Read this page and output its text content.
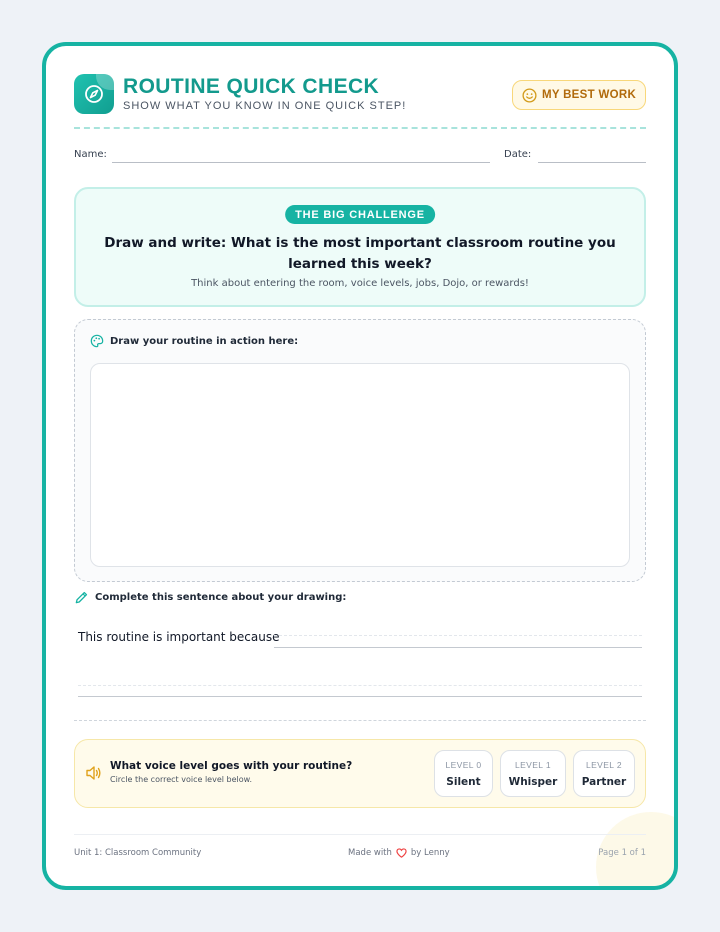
ROUTINE QUICK CHECK
SHOW WHAT YOU KNOW IN ONE QUICK STEP!
MY BEST WORK
Name:	Date:
THE BIG CHALLENGE
Draw and write: What is the most important classroom routine you learned this week?
Think about entering the room, voice levels, jobs, Dojo, or rewards!
Draw your routine in action here:
Complete this sentence about your drawing:
This routine is important because
What voice level goes with your routine?
Circle the correct voice level below.
LEVEL 0
Silent
LEVEL 1
Whisper
LEVEL 2
Partner
Unit 1: Classroom Community	Made with by Lenny	Page 1 of 1
